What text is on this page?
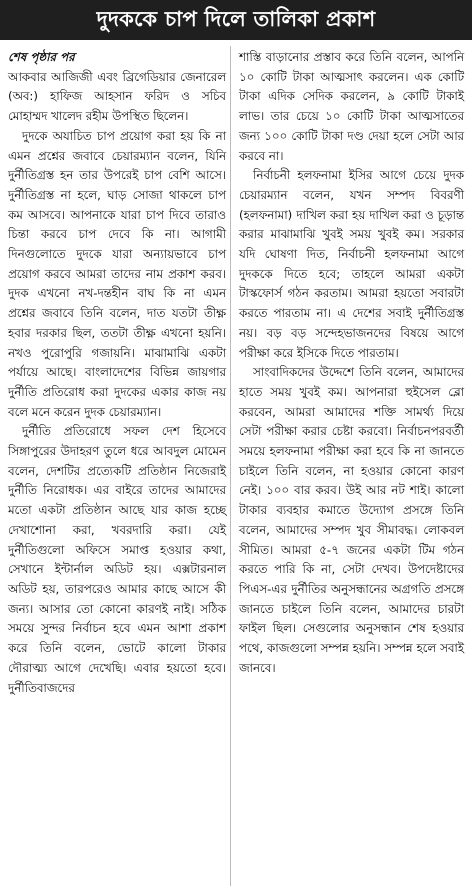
দুদককে চাপ দিলে তালিকা প্রকাশ

শেষ পৃষ্ঠার পর

আকবার আজিজী এবং ব্রিগেডিয়ার জেনারেল (অব:) হাফিজ আহসান ফরিদ ও সচিব মোহাম্মদ খালেদ রহীম উপস্থিত ছিলেন।

দুদকে অযাচিত চাপ প্রয়োগ করা হয় কি না এমন প্রশ্নের জবাবে চেয়ারম্যান বলেন, যিনি দুর্নীতিগ্রস্ত হন তার উপরেই চাপ বেশি আসে। দুর্নীতিগ্রস্ত না হলে, ঘাড় সোজা থাকলে চাপ কম আসবে। আপনাকে যারা চাপ দিবে তারাও চিন্তা করবে চাপ দেবে কি না। আগামী দিনগুলোতে দুদকে যারা অন্যায়ভাবে চাপ প্রয়োগ করবে আমরা তাদের নাম প্রকাশ করব। দুদক এখনো নখ-দন্তহীন বাঘ কি না এমন প্রশ্নের জবাবে তিনি বলেন, দাত যতটা তীক্ষ্ণ হবার দরকার ছিল, ততটা তীক্ষ্ণ এখনো হয়নি। নখও পুরোপুরি গজায়নি। মাঝামাঝি একটা পর্যায়ে আছে। বাংলাদেশের বিভিন্ন জায়গার দুর্নীতি প্রতিরোধ করা দুদকের একার কাজ নয় বলে মনে করেন দুদক চেয়ারম্যান।

দুর্নীতি প্রতিরোধে সফল দেশ হিসেবে সিঙ্গাপুরের উদাহরণ তুলে ধরে আবদুল মোমেন বলেন, দেশটির প্রত্যেকটি প্রতিষ্ঠান নিজেরাই দুর্নীতি নিরোধক। এর বাইরে তাদের আমাদের মতো একটা প্রতিষ্ঠান আছে যার কাজ হচ্ছে দেখাশোনা করা, খবরদারি করা। যেই দুর্নীতিগুলো অফিসে সমাপ্ত হওয়ার কথা, সেখানে ইন্টার্নাল অডিট হয়। এক্সটারনাল অডিট হয়, তারপরেও আমার কাছে আসে কী জন্য। আসার তো কোনো কারণই নাই। সঠিক সময়ে সুন্দর নির্বাচন হবে এমন আশা প্রকাশ করে তিনি বলেন, ভোটে কালো টাকার দৌরাত্ম্য আগে দেখেছি। এবার হয়তো হবে। দুর্নীতিবাজদের

শাস্তি বাড়ানোর প্রস্তাব করে তিনি বলেন, আপনি ১০ কোটি টাকা আত্মসাৎ করলেন। এক কোটি টাকা এদিক সেদিক করলেন, ৯ কোটি টাকাই লাভ। তার চেয়ে ১০ কোটি টাকা আত্মসাতের জন্য ১০০ কোটি টাকা দণ্ড দেয়া হলে সেটা আর করবে না।

নির্বাচনী হলফনামা ইসির আগে চেয়ে দুদক চেয়ারম্যান বলেন, যখন সম্পদ বিবরণী (হলফনামা) দাখিল করা হয় দাখিল করা ও চূড়ান্ত করার মাঝামাঝি খুবই সময় খুবই কম। সরকার যদি ঘোষণা দিত, নির্বাচনী হলফনামা আগে দুদককে দিতে হবে; তাহলে আমরা একটা টাস্কফোর্স গঠন করতাম। আমরা হয়তো সবারটা করতে পারতাম না। এ দেশের সবাই দুর্নীতিগ্রস্ত নয়। বড় বড় সন্দেহভাজনদের বিষয়ে আগে পরীক্ষা করে ইসিকে দিতে পারতাম।

সাংবাদিকদের উদ্দেশে তিনি বলেন, আমাদের হাতে সময় খুবই কম। আপনারা হুইসেল ব্লো করবেন, আমরা আমাদের শক্তি সামর্থ্য দিয়ে সেটা পরীক্ষা করার চেষ্টা করবো। নির্বাচনপরবর্তী সময়ে হলফনামা পরীক্ষা করা হবে কি না জানতে চাইলে তিনি বলেন, না হওয়ার কোনো কারণ নেই। ১০০ বার করব। উই আর নট শাই। কালো টাকার ব্যবহার কমাতে উদ্যোগ প্রসঙ্গে তিনি বলেন, আমাদের সম্পদ খুব সীমাবদ্ধ। লোকবল সীমিত। আমরা ৫-৭ জনের একটা টিম গঠন করতে পারি কি না, সেটা দেখব। উপদেষ্টাদের পিএস-এর দুর্নীতির অনুসন্ধানের অগ্রগতি প্রসঙ্গে জানতে চাইলে তিনি বলেন, আমাদের চারটা ফাইল ছিল। সেগুলোর অনুসন্ধান শেষ হওয়ার পথে, কাজগুলো সম্পন্ন হয়নি। সম্পন্ন হলে সবাই জানবে।
